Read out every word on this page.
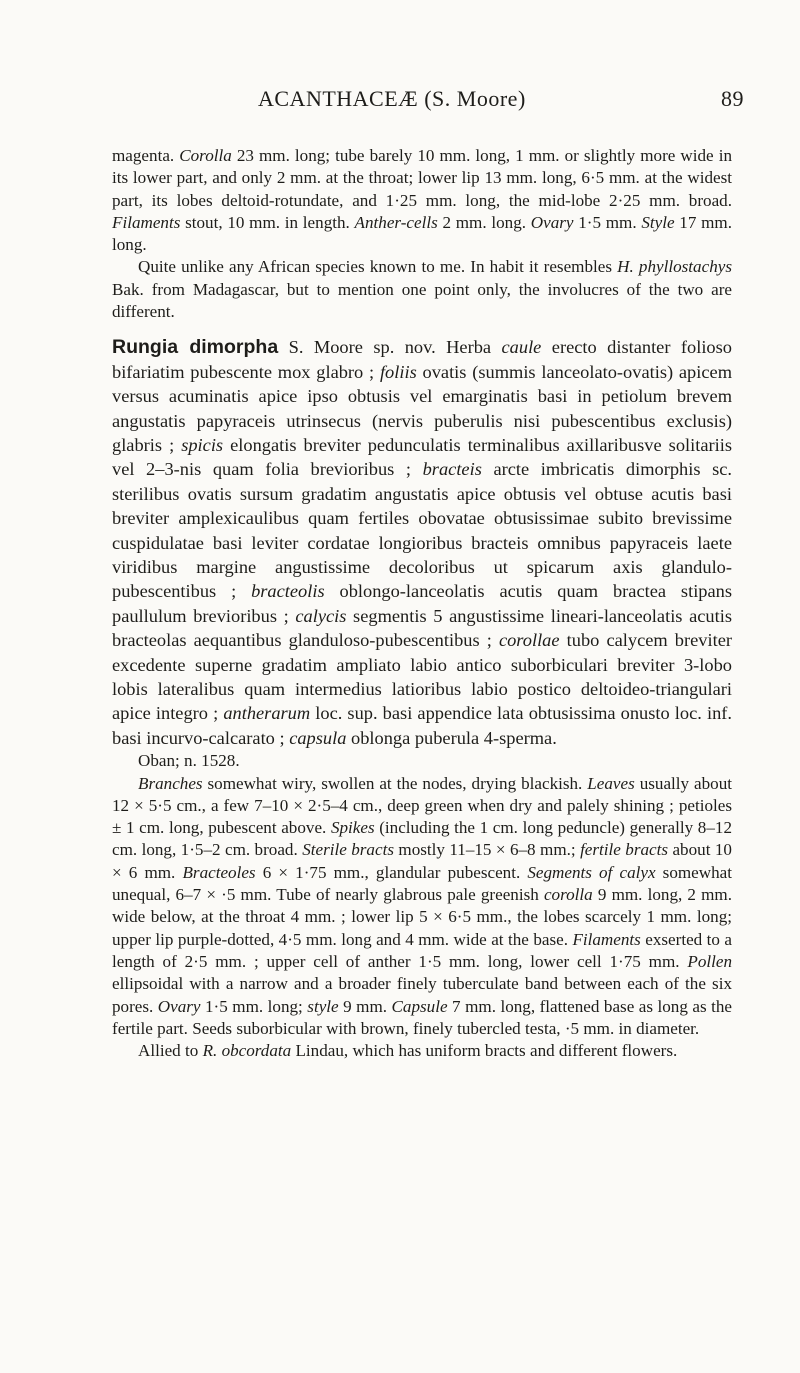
ACANTHACEÆ (S. Moore)	89

magenta. Corolla 23 mm. long; tube barely 10 mm. long, 1 mm. or slightly more wide in its lower part, and only 2 mm. at the throat; lower lip 13 mm. long, 6·5 mm. at the widest part, its lobes deltoid-rotundate, and 1·25 mm. long, the mid-lobe 2·25 mm. broad. Filaments stout, 10 mm. in length. Anther-cells 2 mm. long. Ovary 1·5 mm. Style 17 mm. long.

Quite unlike any African species known to me. In habit it resembles H. phyllostachys Bak. from Madagascar, but to mention one point only, the involucres of the two are different.

Rungia dimorpha S. Moore sp. nov. Herba caule erecto distanter folioso bifariatim pubescente mox glabro ; foliis ovatis (summis lanceolato-ovatis) apicem versus acuminatis apice ipso obtusis vel emarginatis basi in petiolum brevem angustatis papyraceis utrinsecus (nervis puberulis nisi pubescentibus exclusis) glabris ; spicis elongatis breviter pedunculatis terminalibus axillaribusve solitariis vel 2–3-nis quam folia brevioribus ; bracteis arcte imbricatis dimorphis sc. sterilibus ovatis sursum gradatim angustatis apice obtusis vel obtuse acutis basi breviter amplexicaulibus quam fertiles obovatae obtusissimae subito brevissime cuspidulatae basi leviter cordatae longioribus bracteis omnibus papyraceis laete viridibus margine angustissime decoloribus ut spicarum axis glandulo-pubescentibus ; bracteolis oblongo-lanceolatis acutis quam bractea stipans paullulum brevioribus ; calycis segmentis 5 angustissime lineari-lanceolatis acutis bracteolas aequantibus glanduloso-pubescentibus ; corollae tubo calycem breviter excedente superne gradatim ampliato labio antico suborbiculari breviter 3-lobo lobis lateralibus quam intermedius latioribus labio postico deltoideo-triangulari apice integro ; antherarum loc. sup. basi appendice lata obtusissima onusto loc. inf. basi incurvo-calcarato ; capsula oblonga puberula 4-sperma.

Oban; n. 1528.

Branches somewhat wiry, swollen at the nodes, drying blackish. Leaves usually about 12 × 5·5 cm., a few 7–10 × 2·5–4 cm., deep green when dry and palely shining ; petioles ± 1 cm. long, pubescent above. Spikes (including the 1 cm. long peduncle) generally 8–12 cm. long, 1·5–2 cm. broad. Sterile bracts mostly 11–15 × 6–8 mm.; fertile bracts about 10 × 6 mm. Bracteoles 6 × 1·75 mm., glandular pubescent. Segments of calyx somewhat unequal, 6–7 × ·5 mm. Tube of nearly glabrous pale greenish corolla 9 mm. long, 2 mm. wide below, at the throat 4 mm. ; lower lip 5 × 6·5 mm., the lobes scarcely 1 mm. long; upper lip purple-dotted, 4·5 mm. long and 4 mm. wide at the base. Filaments exserted to a length of 2·5 mm. ; upper cell of anther 1·5 mm. long, lower cell 1·75 mm. Pollen ellipsoidal with a narrow and a broader finely tuberculate band between each of the six pores. Ovary 1·5 mm. long; style 9 mm. Capsule 7 mm. long, flattened base as long as the fertile part. Seeds suborbicular with brown, finely tubercled testa, ·5 mm. in diameter.

Allied to R. obcordata Lindau, which has uniform bracts and different flowers.
